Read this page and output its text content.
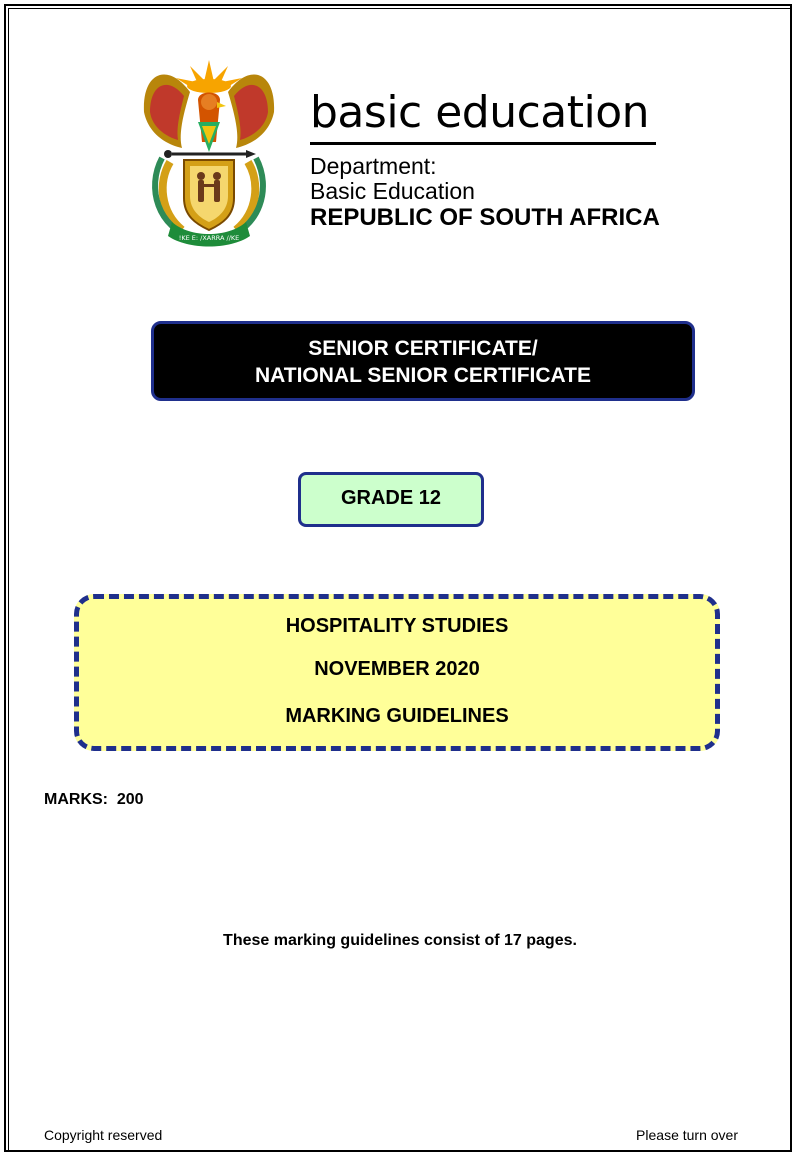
!KE E: /XARRA //KE
basic education
Department:
Basic Education
REPUBLIC OF SOUTH AFRICA
SENIOR CERTIFICATE/
NATIONAL SENIOR CERTIFICATE
GRADE 12
HOSPITALITY STUDIES
NOVEMBER 2020
MARKING GUIDELINES
MARKS:  200
These marking guidelines consist of 17 pages.
Copyright reserved	Please turn over
